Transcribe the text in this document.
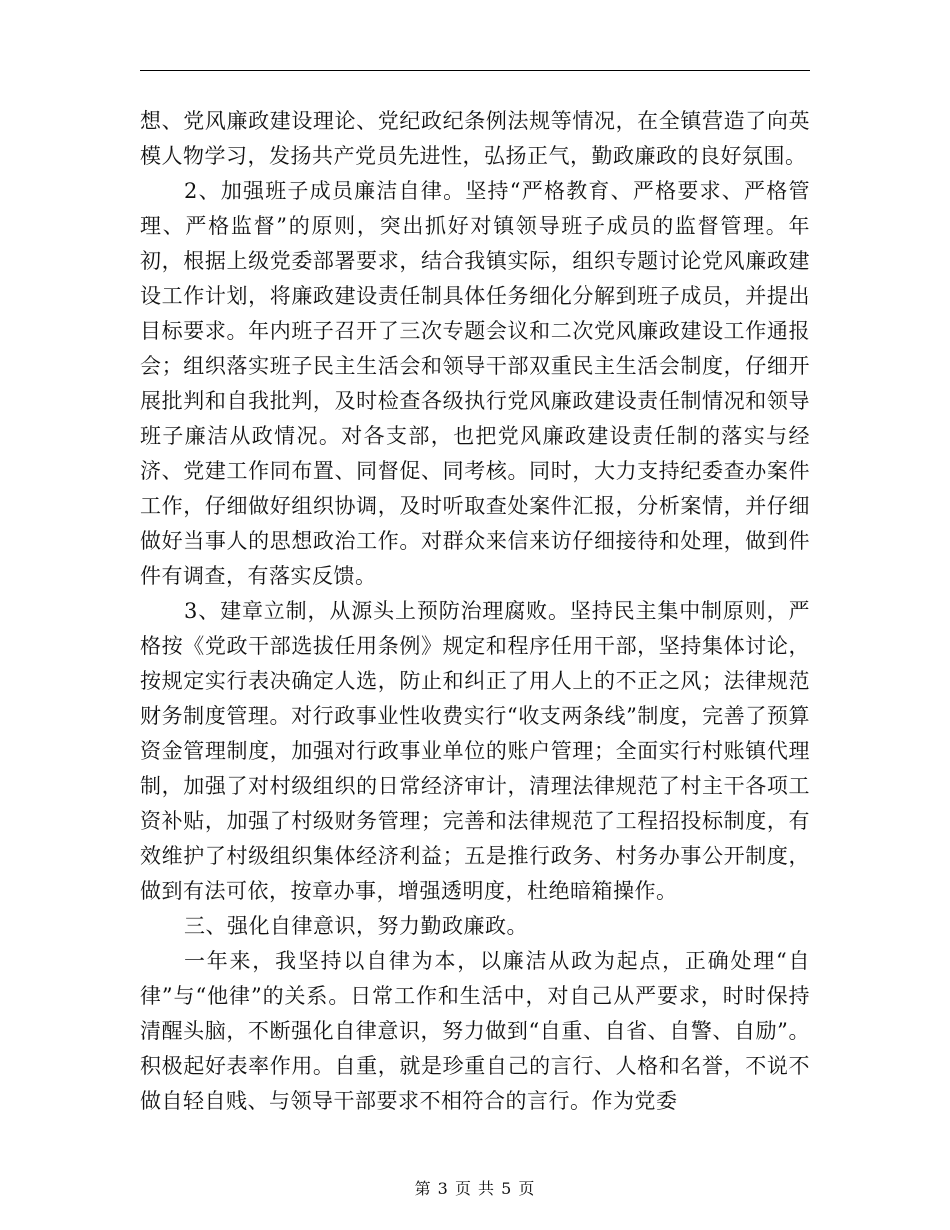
想、党风廉政建设理论、党纪政纪条例法规等情况，在全镇营造了向英模人物学习，发扬共产党员先进性，弘扬正气，勤政廉政的良好氛围。

2、加强班子成员廉洁自律。坚持“严格教育、严格要求、严格管理、严格监督”的原则，突出抓好对镇领导班子成员的监督管理。年初，根据上级党委部署要求，结合我镇实际，组织专题讨论党风廉政建设工作计划，将廉政建设责任制具体任务细化分解到班子成员，并提出目标要求。年内班子召开了三次专题会议和二次党风廉政建设工作通报会；组织落实班子民主生活会和领导干部双重民主生活会制度，仔细开展批判和自我批判，及时检查各级执行党风廉政建设责任制情况和领导班子廉洁从政情况。对各支部，也把党风廉政建设责任制的落实与经济、党建工作同布置、同督促、同考核。同时，大力支持纪委查办案件工作，仔细做好组织协调，及时听取查处案件汇报，分析案情，并仔细做好当事人的思想政治工作。对群众来信来访仔细接待和处理，做到件件有调查，有落实反馈。

3、建章立制，从源头上预防治理腐败。坚持民主集中制原则，严格按《党政干部选拔任用条例》规定和程序任用干部，坚持集体讨论，按规定实行表决确定人选，防止和纠正了用人上的不正之风；法律规范财务制度管理。对行政事业性收费实行“收支两条线”制度，完善了预算资金管理制度，加强对行政事业单位的账户管理；全面实行村账镇代理制，加强了对村级组织的日常经济审计，清理法律规范了村主干各项工资补贴，加强了村级财务管理；完善和法律规范了工程招投标制度，有效维护了村级组织集体经济利益；五是推行政务、村务办事公开制度，做到有法可依，按章办事，增强透明度，杜绝暗箱操作。

三、强化自律意识，努力勤政廉政。

一年来，我坚持以自律为本，以廉洁从政为起点，正确处理“自律”与“他律”的关系。日常工作和生活中，对自己从严要求，时时保持清醒头脑，不断强化自律意识，努力做到“自重、自省、自警、自励”。积极起好表率作用。自重，就是珍重自己的言行、人格和名誉，不说不做自轻自贱、与领导干部要求不相符合的言行。作为党委

第 3 页 共 5 页
